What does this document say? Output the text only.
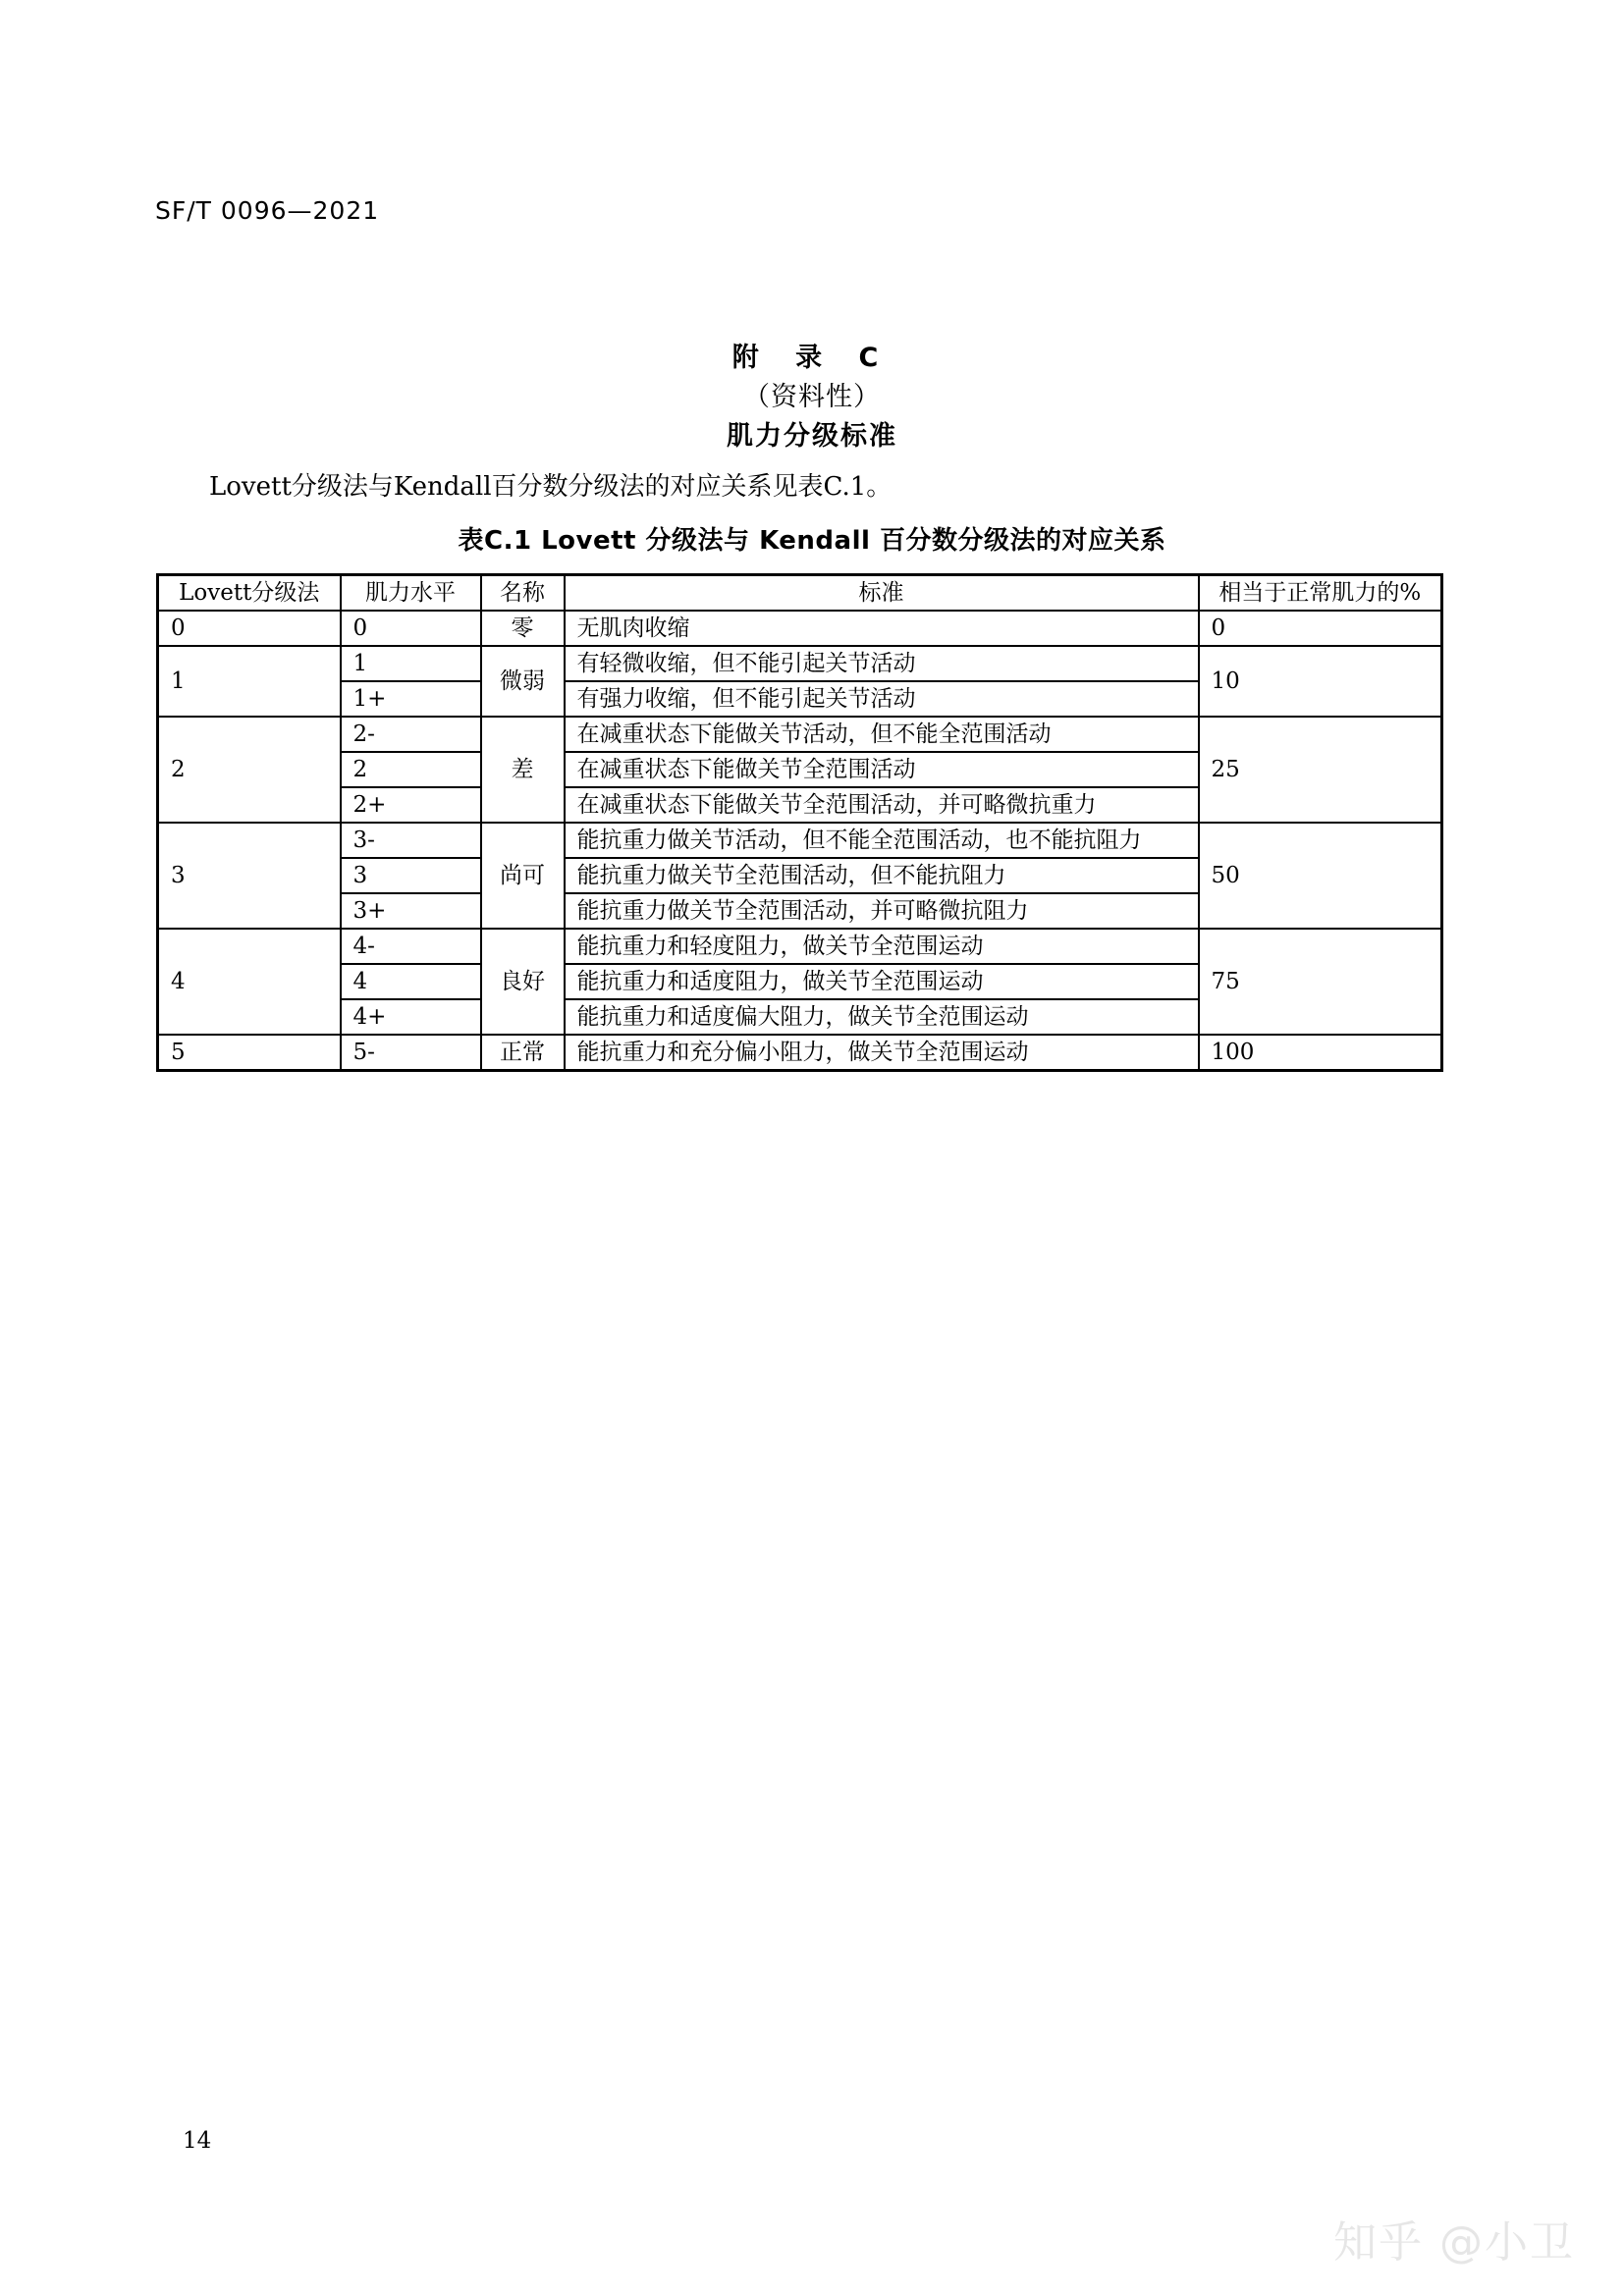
SF/T 0096—2021
附 录 C
（资料性）
肌力分级标准
Lovett分级法与Kendall百分数分级法的对应关系见表C.1。
表C.1 Lovett 分级法与 Kendall 百分数分级法的对应关系
Lovett分级法	肌力水平	名称	标准	相当于正常肌力的%
0	0	零	无肌肉收缩	0
1	1	微弱	有轻微收缩，但不能引起关节活动	10
	1+		有强力收缩，但不能引起关节活动	
2	2-	差	在减重状态下能做关节活动，但不能全范围活动	25
	2		在减重状态下能做关节全范围活动	
	2+		在减重状态下能做关节全范围活动，并可略微抗重力	
3	3-	尚可	能抗重力做关节活动，但不能全范围活动，也不能抗阻力	50
	3		能抗重力做关节全范围活动，但不能抗阻力	
	3+		能抗重力做关节全范围活动，并可略微抗阻力	
4	4-	良好	能抗重力和轻度阻力，做关节全范围运动	75
	4		能抗重力和适度阻力，做关节全范围运动	
	4+		能抗重力和适度偏大阻力，做关节全范围运动	
5	5-	正常	能抗重力和充分偏小阻力，做关节全范围运动	100
14
知乎 @小卫
